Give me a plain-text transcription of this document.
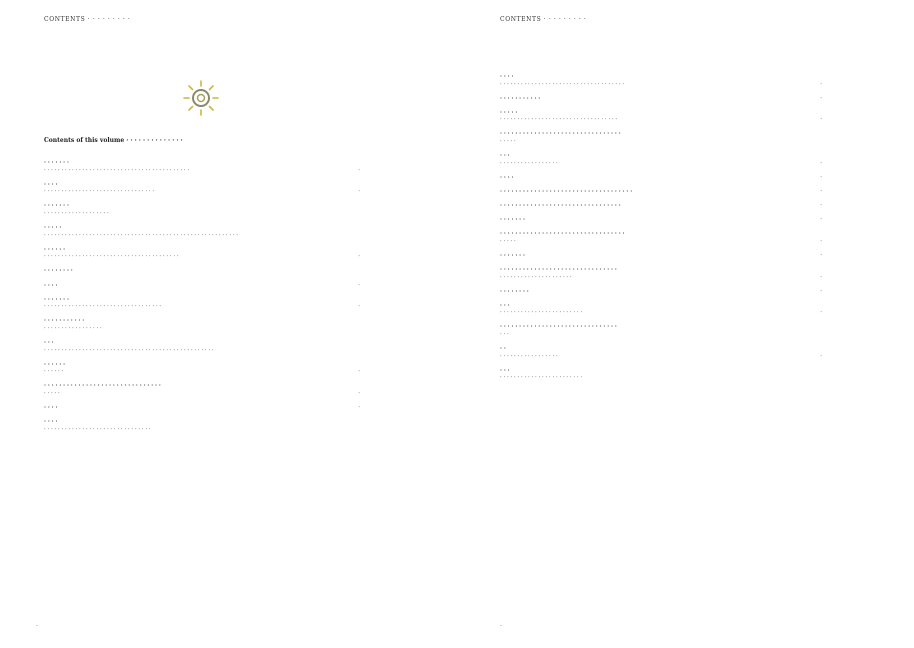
CONTENTS · · · · · · · · ·
Contents of this volume · · · · · · · · · · · · · ·
· · · · · · ·
· · · · · · · · · · · · · · · · · · · · · · · · · · · · · · · · · · · · · · · · · ·	·
· · · ·
· · · · · · · · · · · · · · · · · · · · · · · · · · · · · · · ·	·
· · · · · · ·
· · · · · · · · · · · · · · · · · · ·
· · · · ·
· · · · · · · · · · · · · · · · · · · · · · · · · · · · · · · · · · · · · · · · · · · · · · · · · · · · · · · ·
· · · · · ·
· · · · · · · · · · · · · · · · · · · · · · · · · · · · · · · · · · · · · · ·	·
· · · · · · · ·
· · · ·	·
· · · · · · ·
· · · · · · · · · · · · · · · · · · · · · · · · · · · · · · · · · ·	·
· · · · · · · · · · ·
· · · · · · · · · · · · · · · · ·
· · ·
· · · · · · · · · · · · · · · · · · · · · · · · · · · · · · · · · · · · · · · · · · · · · · · · ·
· · · · · ·
· · · · · ·	·
· · · · · · · · · · · · · · · · · · · · · · · · · · · · · · ·
· · · · ·	·
· · · ·	·
· · · ·
· · · · · · · · · · · · · · · · · · · · · · · · · · · · · · ·
·
CONTENTS · · · · · · · · ·
· · · ·
· · · · · · · · · · · · · · · · · · · · · · · · · · · · · · · · · · · ·	·
· · · · · · · · · · ·	·
· · · · ·
· · · · · · · · · · · · · · · · · · · · · · · · · · · · · · · · · ·	·
· · · · · · · · · · · · · · · · · · · · · · · · · · · · · · · ·
· · · · ·
· · ·
· · · · · · · · · · · · · · · · ·	·
· · · ·	·
· · · · · · · · · · · · · · · · · · · · · · · · · · · · · · · · · · ·	·
· · · · · · · · · · · · · · · · · · · · · · · · · · · · · · · ·	·
· · · · · · ·	·
· · · · · · · · · · · · · · · · · · · · · · · · · · · · · · · · ·
· · · · ·	·
· · · · · · ·	·
· · · · · · · · · · · · · · · · · · · · · · · · · · · · · · ·
· · · · · · · · · · · · · · · · · · · · ·	·
· · · · · · · ·	·
· · ·
· · · · · · · · · · · · · · · · · · · · · · · ·	·
· · · · · · · · · · · · · · · · · · · · · · · · · · · · · · ·
· · ·
· ·
· · · · · · · · · · · · · · · · ·	·
· · ·
· · · · · · · · · · · · · · · · · · · · · · · ·
·
